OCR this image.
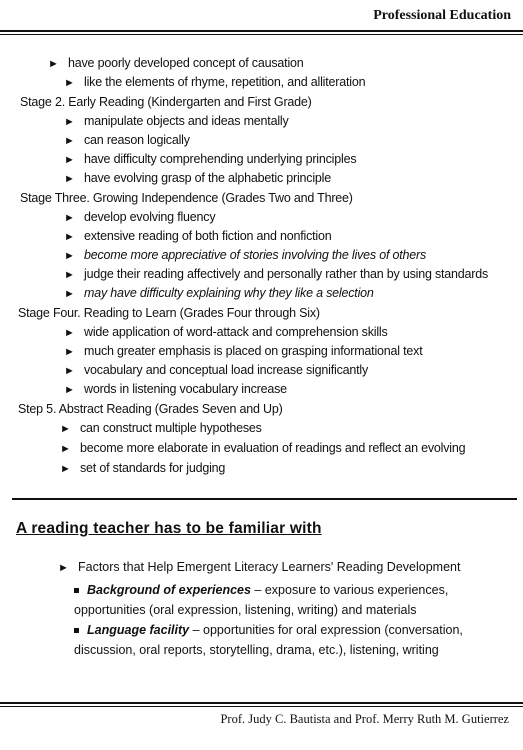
Professional Education
► have poorly developed concept of causation
► like the elements of rhyme, repetition, and alliteration
Stage 2. Early Reading (Kindergarten and First Grade)
► manipulate objects and ideas mentally
► can reason logically
► have difficulty comprehending underlying principles
► have evolving grasp of the alphabetic principle
Stage Three. Growing Independence (Grades Two and Three)
► develop evolving fluency
► extensive reading of both fiction and nonfiction
► become more appreciative of stories involving the lives of others
► judge their reading affectively and personally rather than by using standards
► may have difficulty explaining why they like a selection
Stage Four. Reading to Learn (Grades Four through Six)
► wide application of word-attack and comprehension skills
► much greater emphasis is placed on grasping informational text
► vocabulary and conceptual load increase significantly
► words in listening vocabulary increase
Step 5. Abstract Reading (Grades Seven and Up)
► can construct multiple hypotheses
► become more elaborate in evaluation of readings and reflect an evolving
► set of standards for judging
A reading teacher has to be familiar with
► Factors that Help Emergent Literacy Learners' Reading Development
Background of experiences – exposure to various experiences, opportunities (oral expression, listening, writing) and materials
Language facility – opportunities for oral expression (conversation, discussion, oral reports, storytelling, drama, etc.), listening, writing
Prof. Judy C. Bautista and Prof. Merry Ruth M. Gutierrez
